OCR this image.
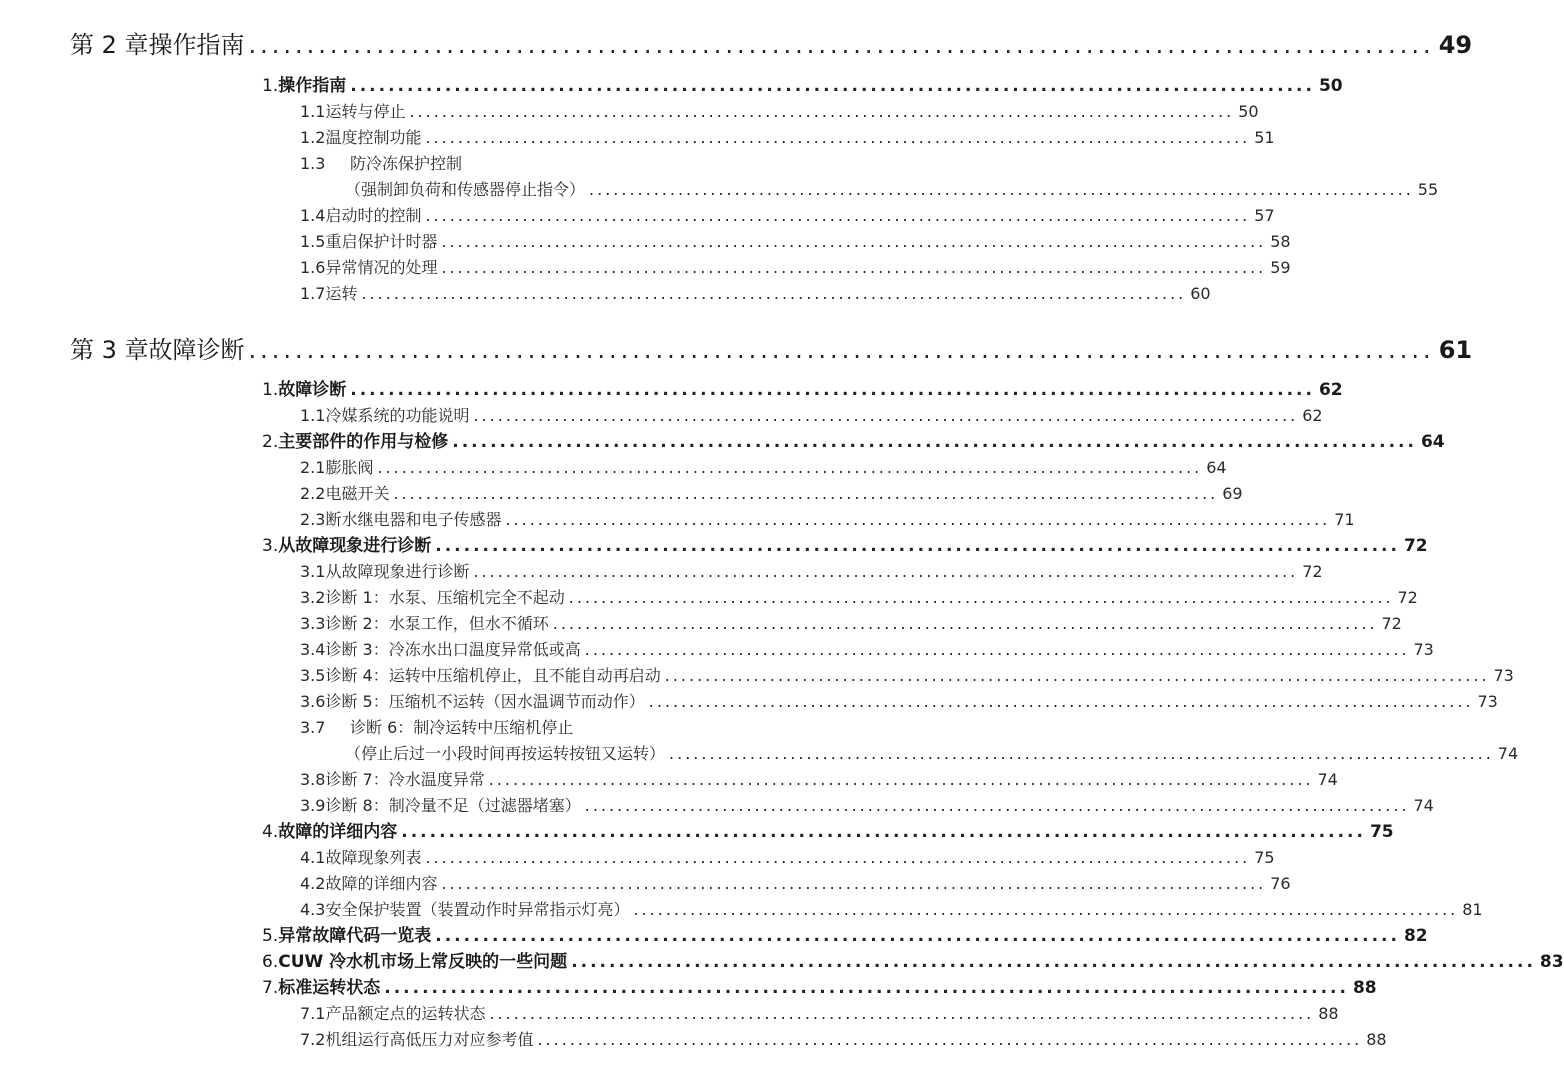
第 2 章 操作指南 ...................................................................................................... 49
1. 操作指南 ...................................................................................................... 50
1.1 运转与停止 ...................................................................................................... 50
1.2 温度控制功能 ...................................................................................................... 51
1.3 防冷冻保护控制
（强制卸负荷和传感器停止指令） ...................................................................................................... 55
1.4 启动时的控制 ...................................................................................................... 57
1.5 重启保护计时器 ...................................................................................................... 58
1.6 异常情况的处理 ...................................................................................................... 59
1.7 运转 ...................................................................................................... 60
第 3 章 故障诊断 ...................................................................................................... 61
1. 故障诊断 ...................................................................................................... 62
1.1 冷媒系统的功能说明 ...................................................................................................... 62
2. 主要部件的作用与检修 ...................................................................................................... 64
2.1 膨胀阀 ...................................................................................................... 64
2.2 电磁开关 ...................................................................................................... 69
2.3 断水继电器和电子传感器 ...................................................................................................... 71
3. 从故障现象进行诊断 ...................................................................................................... 72
3.1 从故障现象进行诊断 ...................................................................................................... 72
3.2 诊断 1：水泵、压缩机完全不起动 ...................................................................................................... 72
3.3 诊断 2：水泵工作，但水不循环 ...................................................................................................... 72
3.4 诊断 3：冷冻水出口温度异常低或高 ...................................................................................................... 73
3.5 诊断 4：运转中压缩机停止，且不能自动再启动 ...................................................................................................... 73
3.6 诊断 5：压缩机不运转（因水温调节而动作） ...................................................................................................... 73
3.7 诊断 6：制冷运转中压缩机停止
（停止后过一小段时间再按运转按钮又运转） ...................................................................................................... 74
3.8 诊断 7：冷水温度异常 ...................................................................................................... 74
3.9 诊断 8：制冷量不足（过滤器堵塞） ...................................................................................................... 74
4. 故障的详细内容 ...................................................................................................... 75
4.1 故障现象列表 ...................................................................................................... 75
4.2 故障的详细内容 ...................................................................................................... 76
4.3 安全保护装置（装置动作时异常指示灯亮） ...................................................................................................... 81
5. 异常故障代码一览表 ...................................................................................................... 82
6. CUW 冷水机市场上常反映的一些问题 ...................................................................................................... 83
7. 标准运转状态 ...................................................................................................... 88
7.1 产品额定点的运转状态 ...................................................................................................... 88
7.2 机组运行高低压力对应参考值 ...................................................................................................... 88
